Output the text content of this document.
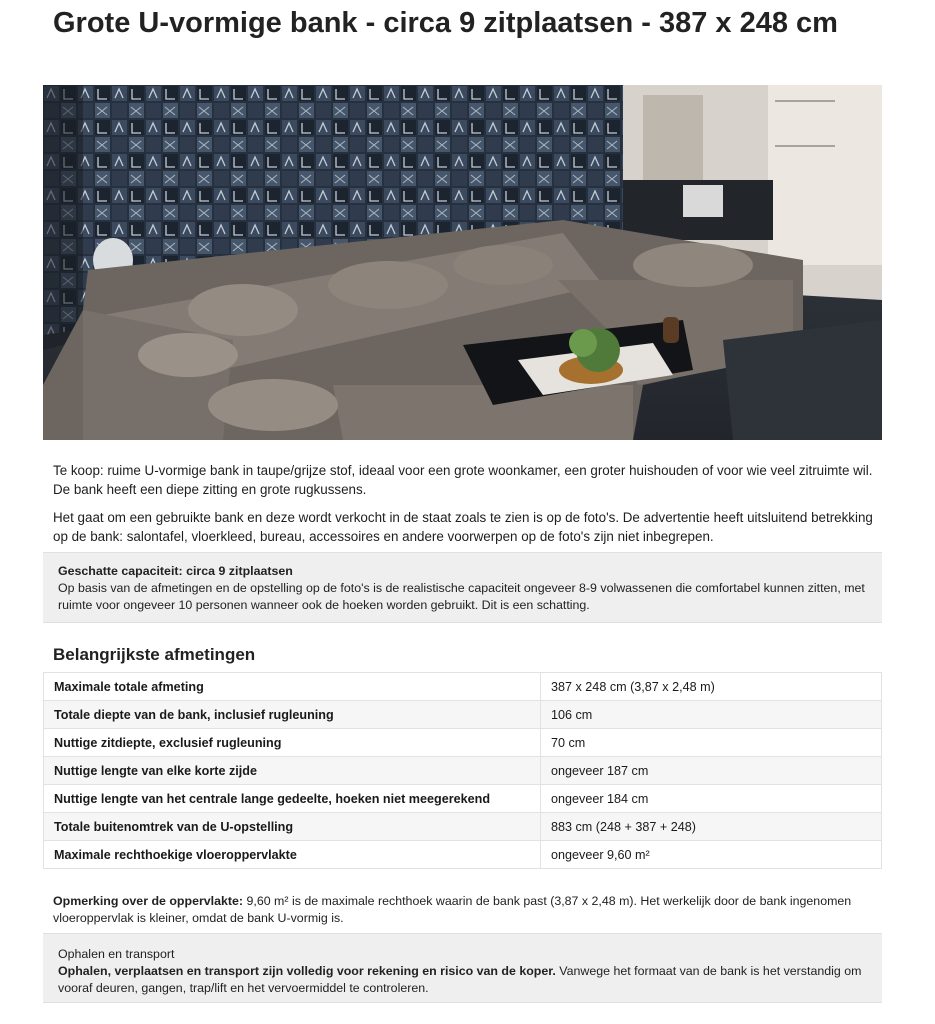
Grote U-vormige bank - circa 9 zitplaatsen - 387 x 248 cm

Te koop: ruime U-vormige bank in taupe/grijze stof, ideaal voor een grote woonkamer, een groter huishouden of voor wie veel zitruimte wil. De bank heeft een diepe zitting en grote rugkussens.

Het gaat om een gebruikte bank en deze wordt verkocht in de staat zoals te zien is op de foto's. De advertentie heeft uitsluitend betrekking op de bank: salontafel, vloerkleed, bureau, accessoires en andere voorwerpen op de foto's zijn niet inbegrepen.

Geschatte capaciteit: circa 9 zitplaatsen
Op basis van de afmetingen en de opstelling op de foto's is de realistische capaciteit ongeveer 8-9 volwassenen die comfortabel kunnen zitten, met ruimte voor ongeveer 10 personen wanneer ook de hoeken worden gebruikt. Dit is een schatting.
Belangrijkste afmetingen
Maximale totale afmeting	387 x 248 cm (3,87 x 2,48 m)
Totale diepte van de bank, inclusief rugleuning	106 cm
Nuttige zitdiepte, exclusief rugleuning	70 cm
Nuttige lengte van elke korte zijde	ongeveer 187 cm
Nuttige lengte van het centrale lange gedeelte, hoeken niet meegerekend	ongeveer 184 cm
Totale buitenomtrek van de U-opstelling	883 cm (248 + 387 + 248)
Maximale rechthoekige vloeroppervlakte	ongeveer 9,60 m²

Opmerking over de oppervlakte: 9,60 m² is de maximale rechthoek waarin de bank past (3,87 x 2,48 m). Het werkelijk door de bank ingenomen vloeroppervlak is kleiner, omdat de bank U-vormig is.

Ophalen en transport
Ophalen, verplaatsen en transport zijn volledig voor rekening en risico van de koper. Vanwege het formaat van de bank is het verstandig om vooraf deuren, gangen, trap/lift en het vervoermiddel te controleren.
